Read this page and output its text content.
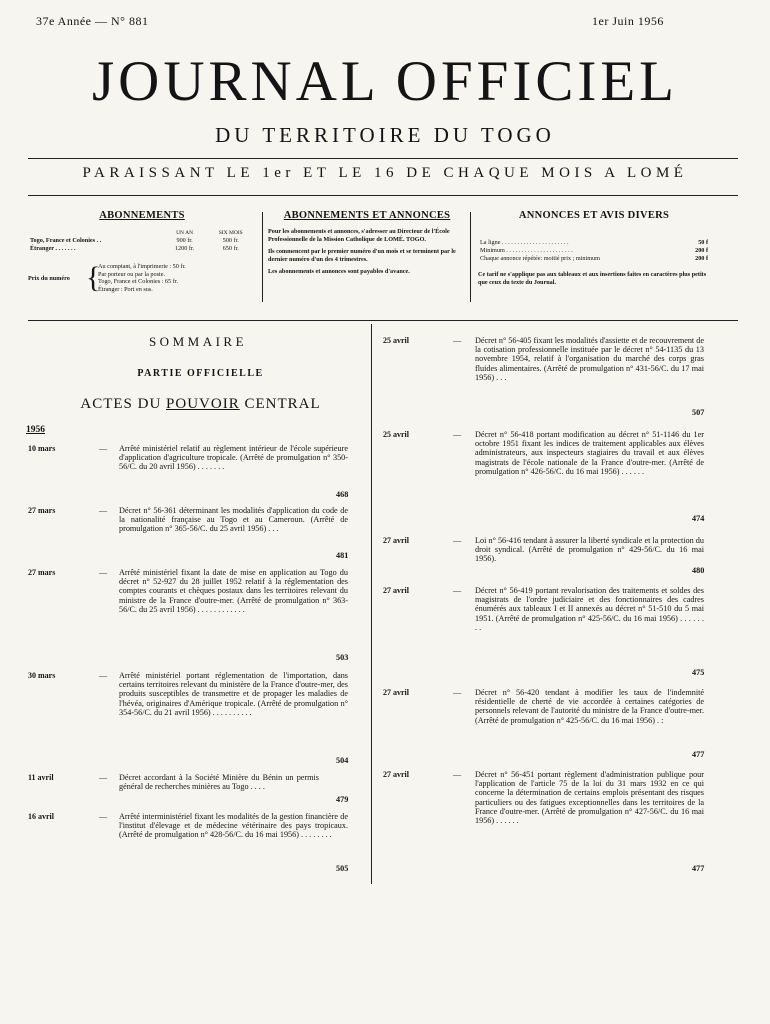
37e Année — N° 881	1er Juin 1956
JOURNAL OFFICIEL
DU TERRITOIRE DU TOGO
PARAISSANT LE 1er ET LE 16 DE CHAQUE MOIS A LOMÉ
ABONNEMENTS
	UN AN	SIX MOIS
Togo, France et Colonies . .	900 fr.	500 fr.
Étranger . . . . . . .	1200 fr.	650 fr.
Prix du numéro {
Au comptant, à l'imprimerie : 50 fr.
Par porteur ou par la poste.
Togo, France et Colonies : 65 fr.
Étranger : Port en sus.
ABONNEMENTS ET ANNONCES
Pour les abonnements et annonces, s'adresser au Directeur de l'École Professionnelle de la Mission Catholique de LOMÉ. TOGO.
Ils commencent par le premier numéro d'un mois et se terminent par le dernier numéro d'un des 4 trimestres.
Les abonnements et annonces sont payables d'avance.
ANNONCES ET AVIS DIVERS
La ligne . . . . . . . . . . . . . . . . . . . . . .	50 f
Minimum . . . . . . . . . . . . . . . . . . . . . .	200 f
Chaque annonce répétée: moitié prix ; minimum	200 f
Ce tarif ne s'applique pas aux tableaux et aux insertions faites en caractères plus petits que ceux du texte du Journal.
SOMMAIRE
PARTIE OFFICIELLE
ACTES DU POUVOIR CENTRAL
1956
10 mars	— Arrêté ministériel relatif au règlement intérieur de l'école supérieure d'application d'agriculture tropicale. (Arrêté de promulgation n° 350-56/C. du 20 avril 1956) . . . . . . .
468
27 mars	— Décret n° 56-361 déterminant les modalités d'application du code de la nationalité française au Togo et au Cameroun. (Arrêté de promulgation n° 365-56/C. du 25 avril 1956) . . .
481
27 mars	— Arrêté ministériel fixant la date de mise en application au Togo du décret n° 52-927 du 28 juillet 1952 relatif à la réglementation des comptes courants et chèques postaux dans les territoires relevant du ministre de la France d'outre-mer. (Arrêté de promulgation n° 363-56/C. du 25 avril 1956) . . . . . . . . . . . .
503
30 mars	— Arrêté ministériel portant réglementation de l'importation, dans certains territoires relevant du ministère de la France d'outre-mer, des produits susceptibles de transmettre et de propager les maladies de l'hévéa, originaires d'Amérique tropicale. (Arrêté de promulgation n° 354-56/C. du 21 avril 1956) . . . . . . . . . .
504
11 avril	— Décret accordant à la Société Minière du Bénin un permis général de recherches minières au Togo . . . .
479
16 avril	— Arrêté interministériel fixant les modalités de la gestion financière de l'institut d'élevage et de médecine vétérinaire des pays tropicaux. (Arrêté de promulgation n° 428-56/C. du 16 mai 1956) . . . . . . . .
505
25 avril	— Décret n° 56-405 fixant les modalités d'assiette et de recouvrement de la cotisation professionnelle instituée par le décret n° 54-1135 du 13 novembre 1954, relatif à l'organisation du marché des corps gras fluides alimentaires. (Arrêté de promulgation n° 431-56/C. du 17 mai 1956) . . .
507
25 avril	— Décret n° 56-418 portant modification au décret n° 51-1146 du 1er octobre 1951 fixant les indices de traitement applicables aux élèves administrateurs, aux inspecteurs stagiaires du travail et aux élèves magistrats de l'école nationale de la France d'outre-mer. (Arrêté de promulgation n° 426-56/C. du 16 mai 1956) . . . . . .
474
27 avril	— Loi n° 56-416 tendant à assurer la liberté syndicale et la protection du droit syndical. (Arrêté de promulgation n° 429-56/C. du 16 mai 1956).
480
27 avril	— Décret n° 56-419 portant revalorisation des traitements et soldes des magistrats de l'ordre judiciaire et des fonctionnaires des cadres énumérés aux tableaux I et II annexés au décret n° 51-510 du 5 mai 1951. (Arrêté de promulgation n° 425-56/C. du 16 mai 1956) . . . . . . . .
475
27 avril	— Décret n° 56-420 tendant à modifier les taux de l'indemnité résidentielle de cherté de vie accordée à certaines catégories de personnels relevant de l'autorité du ministre de la France d'outre-mer. (Arrêté de promulgation n° 425-56/C. du 16 mai 1956) . :
477
27 avril	— Décret n° 56-451 portant règlement d'administration publique pour l'application de l'article 75 de la loi du 31 mars 1932 en ce qui concerne la détermination de certains emplois présentant des risques particuliers ou des fatigues exceptionnelles dans les territoires de la France d'outre-mer. (Arrêté de promulgation n° 427-56/C. du 16 mai 1956) . . . . . .
477
